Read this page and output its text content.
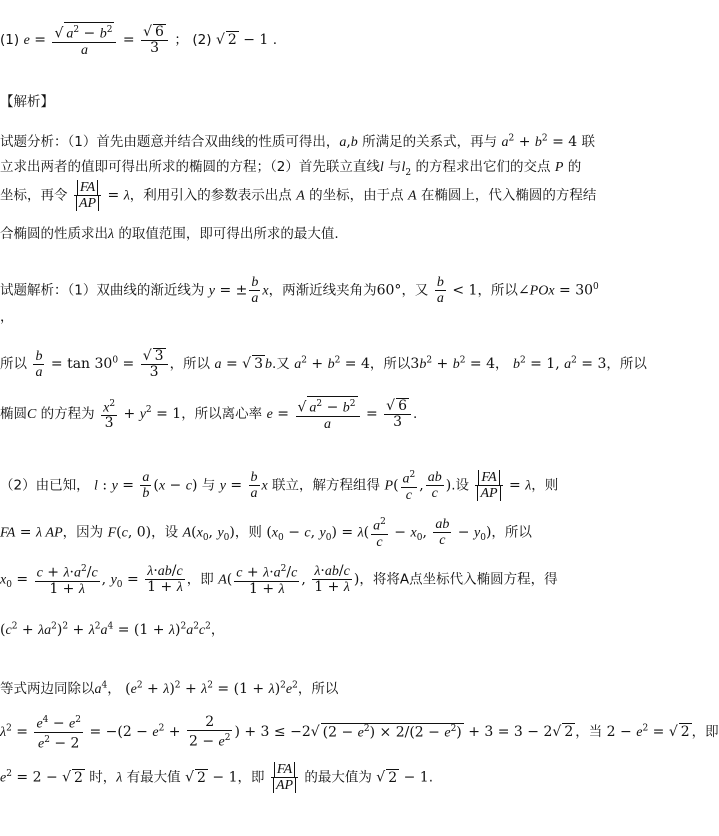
(1) $e = \frac{√ a^2 - b^2}{a} = \frac{√ 6}{3}$ ； (2) √ 2 − 1 .
【解析】
试题分析：（1）首先由题意并结合双曲线的性质可得出，a,b 所满足的关系式，再与 $a^2 + b^2 = 4$ 联
立求出两者的值即可得出所求的椭圆的方程；（2）首先联立直线l 与$l_2$ 的方程求出它们的交点 P 的
坐标，再令 $\frac{FA}{AP} = \lambda$，利用引入的参数表示出点 A 的坐标，由于点 A 在椭圆上，代入椭圆的方程结
合椭圆的性质求出λ 的取值范围，即可得出所求的最大值.
试题解析：（1）双曲线的渐近线为 y = ± $\frac{b}{a}$ x，两渐近线夹角为60°，又 $\frac{b}{a} < 1$，所以∠POx = $30^0$
，
所以 $\frac{b}{a} = \tan 30^0 = \frac{√ 3}{3}$ ，所以 a = √ 3 b.又 $a^2 + b^2 = 4$，所以$3b^2 + b^2 = 4$， $b^2 = 1$, $a^2 = 3$，所以
椭圆C 的方程为 $\frac{x^2}{3} + y^2 = 1$，所以离心率 $e = \frac{√ a^2 - b^2}{a} = \frac{√ 6}{3}$ .
（2）由已知， l : $y = \frac{a}{b} (x - c)$ 与 $y = \frac{b}{a}$ x 联立，解方程组得 $P( \frac{a^2}{c}$ , $\frac{ab}{c}$ ).设 $\frac{FA}{AP} = \lambda$，则
FA = λ AP，因为 F(c, 0)，设 $A(x_0$, $y_0$)，则 ($x_0 - c$, $y_0) = \lambda( \frac{a^2}{c} - x_0$, $\frac{ab}{c} - y_0$)，所以
$x_0 = \frac{c + \lambda\cdot a^2/c}{1 + \lambda}$ , $y_0 = \frac{\lambda\cdot ab/c}{1 + \lambda}$ ，即 $A( \frac{c + \lambda\cdot a^2/c}{1 + \lambda}$ , $\frac{\lambda\cdot ab/c}{1 + \lambda}$ )，将将A点坐标代入椭圆方程，得
$(c^2 + \lambda a^2)^2 + \lambda^2a^4 = (1 + \lambda)^2a^2c^2$，
等式两边同除以$a^4$， $(e^2 + \lambda)^2 + \lambda^2 = (1 + \lambda)^2e^2$，所以
$\lambda^2 = \frac{e^4 - e^2}{e^2 - 2} = -(2 - e^2 + \frac{2}{2 - e^2}$ ) + 3 ≤ −2√ $(2 - e^2) \times 2/(2 - e^2) + 3 = 3 - 2√$ 2 ，当 $2 - e^2$ = √ 2 ，即
$e^2 = 2$ − √ 2 时，λ 有最大值 √ 2 − 1，即 $\frac{FA}{AP}$ 的最大值为 √ 2 − 1.
